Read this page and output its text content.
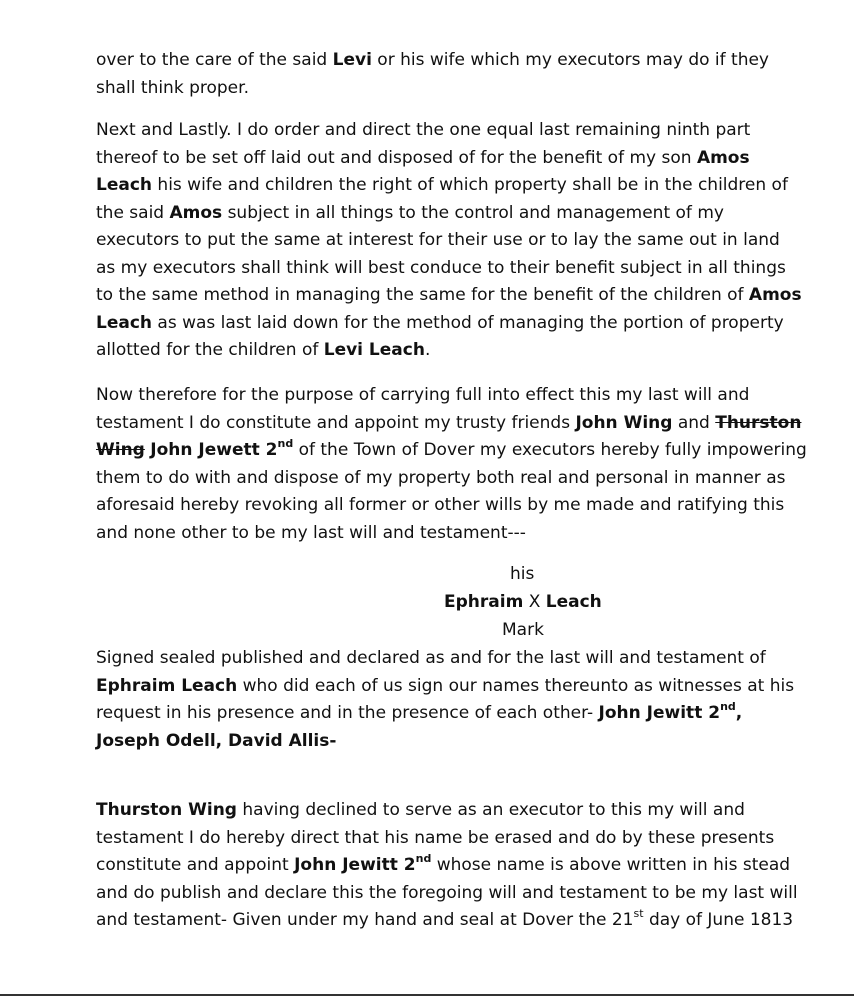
over to the care of the said Levi or his wife which my executors may do if they
shall think proper.
Next and Lastly. I do order and direct the one equal last remaining ninth part
thereof to be set off laid out and disposed of for the benefit of my son Amos
Leach his wife and children the right of which property shall be in the children of
the said Amos subject in all things to the control and management of my
executors to put the same at interest for their use or to lay the same out in land
as my executors shall think will best conduce to their benefit subject in all things
to the same method in managing the same for the benefit of the children of Amos
Leach as was last laid down for the method of managing the portion of property
allotted for the children of Levi Leach.
Now therefore for the purpose of carrying full into effect this my last will and
testament I do constitute and appoint my trusty friends John Wing and Thurston
Wing John Jewett 2nd of the Town of Dover my executors hereby fully impowering
them to do with and dispose of my property both real and personal in manner as
aforesaid hereby revoking all former or other wills by me made and ratifying this
and none other to be my last will and testament---
his
Ephraim X Leach
Mark
Signed sealed published and declared as and for the last will and testament of
Ephraim Leach who did each of us sign our names thereunto as witnesses at his
request in his presence and in the presence of each other- John Jewitt 2nd,
Joseph Odell, David Allis-
Thurston Wing having declined to serve as an executor to this my will and
testament I do hereby direct that his name be erased and do by these presents
constitute and appoint John Jewitt 2nd whose name is above written in his stead
and do publish and declare this the foregoing will and testament to be my last will
and testament- Given under my hand and seal at Dover the 21st day of June 1813
